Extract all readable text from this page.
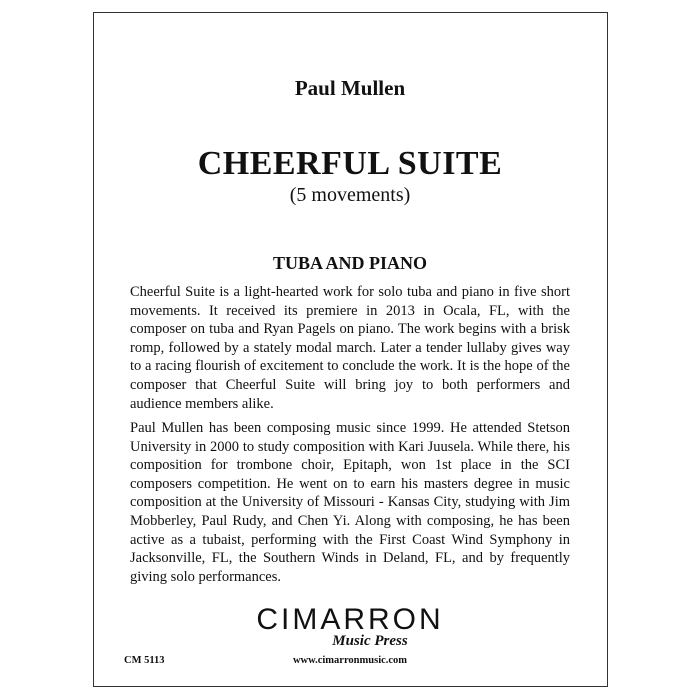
Paul Mullen
CHEERFUL SUITE
(5 movements)
TUBA AND PIANO

Cheerful Suite is a light-hearted work for solo tuba and piano in five short movements. It received its premiere in 2013 in Ocala, FL, with the composer on tuba and Ryan Pagels on piano. The work begins with a brisk romp, followed by a stately modal march. Later a tender lullaby gives way to a racing flourish of excitement to conclude the work. It is the hope of the composer that Cheerful Suite will bring joy to both performers and audience members alike.

Paul Mullen has been composing music since 1999. He attended Stetson University in 2000 to study composition with Kari Juusela. While there, his composition for trombone choir, Epitaph, won 1st place in the SCI composers competition. He went on to earn his masters degree in music composition at the University of Missouri - Kansas City, studying with Jim Mobberley, Paul Rudy, and Chen Yi. Along with composing, he has been active as a tubaist, performing with the First Coast Wind Symphony in Jacksonville, FL, the Southern Winds in Deland, FL, and by frequently giving solo performances.

CIMARRON
Music Press
www.cimarronmusic.com
CM 5113
